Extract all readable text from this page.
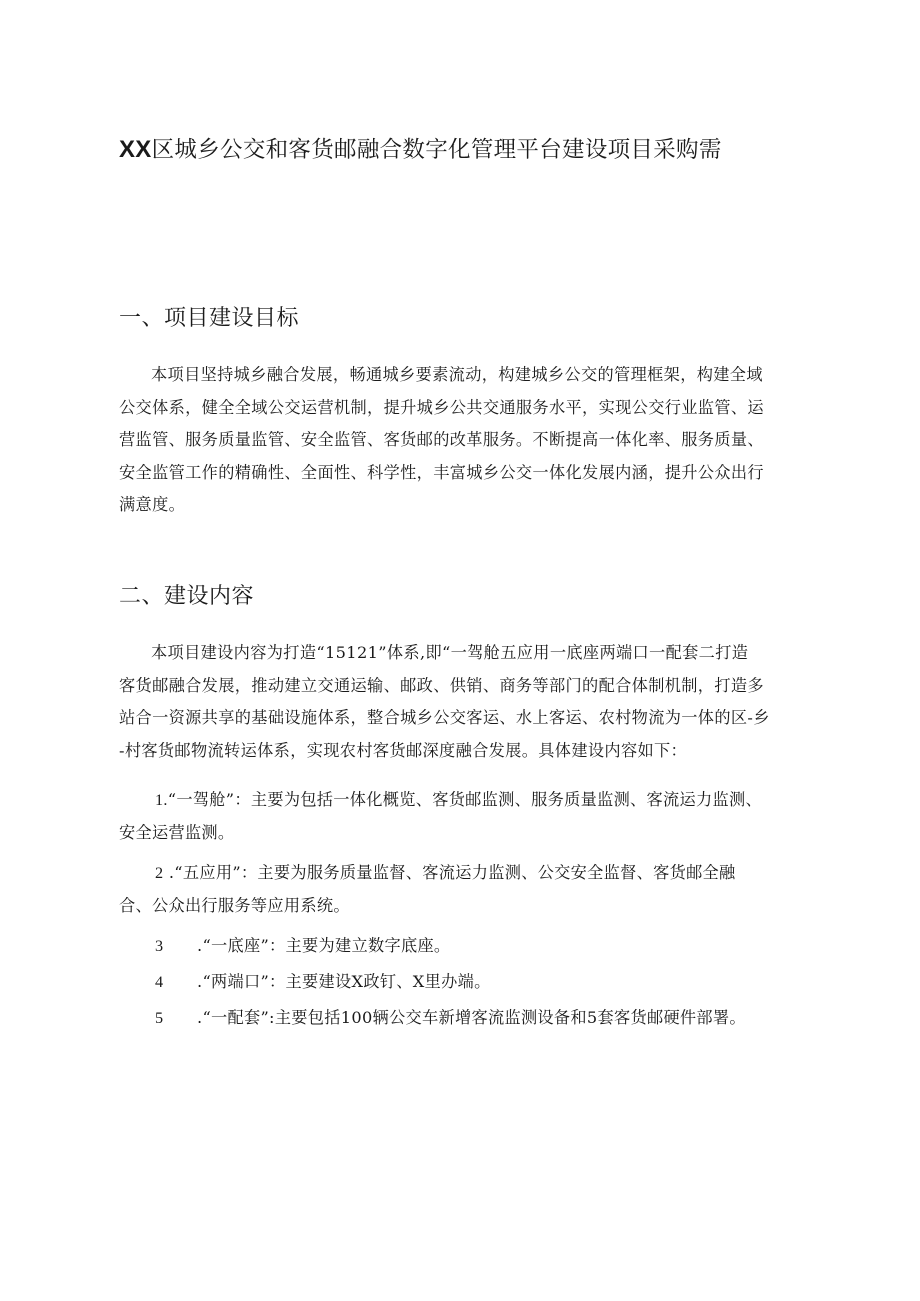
XX区城乡公交和客货邮融合数字化管理平台建设项目采购需
一、项目建设目标
本项目坚持城乡融合发展，畅通城乡要素流动，构建城乡公交的管理框架，构建全域
公交体系，健全全域公交运营机制，提升城乡公共交通服务水平，实现公交行业监管、运
营监管、服务质量监管、安全监管、客货邮的改革服务。不断提高一体化率、服务质量、
安全监管工作的精确性、全面性、科学性，丰富城乡公交一体化发展内涵，提升公众出行
满意度。
二、建设内容
本项目建设内容为打造“15121”体系,即“一驾舱五应用一底座两端口一配套二打造
客货邮融合发展，推动建立交通运输、邮政、供销、商务等部门的配合体制机制，打造多
站合一资源共享的基础设施体系，整合城乡公交客运、水上客运、农村物流为一体的区-乡
-村客货邮物流转运体系，实现农村客货邮深度融合发展。具体建设内容如下：
1.“一驾舱”：主要为包括一体化概览、客货邮监测、服务质量监测、客流运力监测、
安全运营监测。
2 .“五应用”：主要为服务质量监督、客流运力监测、公交安全监督、客货邮全融
合、公众出行服务等应用系统。
3 .“一底座”：主要为建立数字底座。
4 .“两端口”：主要建设X政钉、X里办端。
5 .“一配套”:主要包括100辆公交车新增客流监测设备和5套客货邮硬件部署。
